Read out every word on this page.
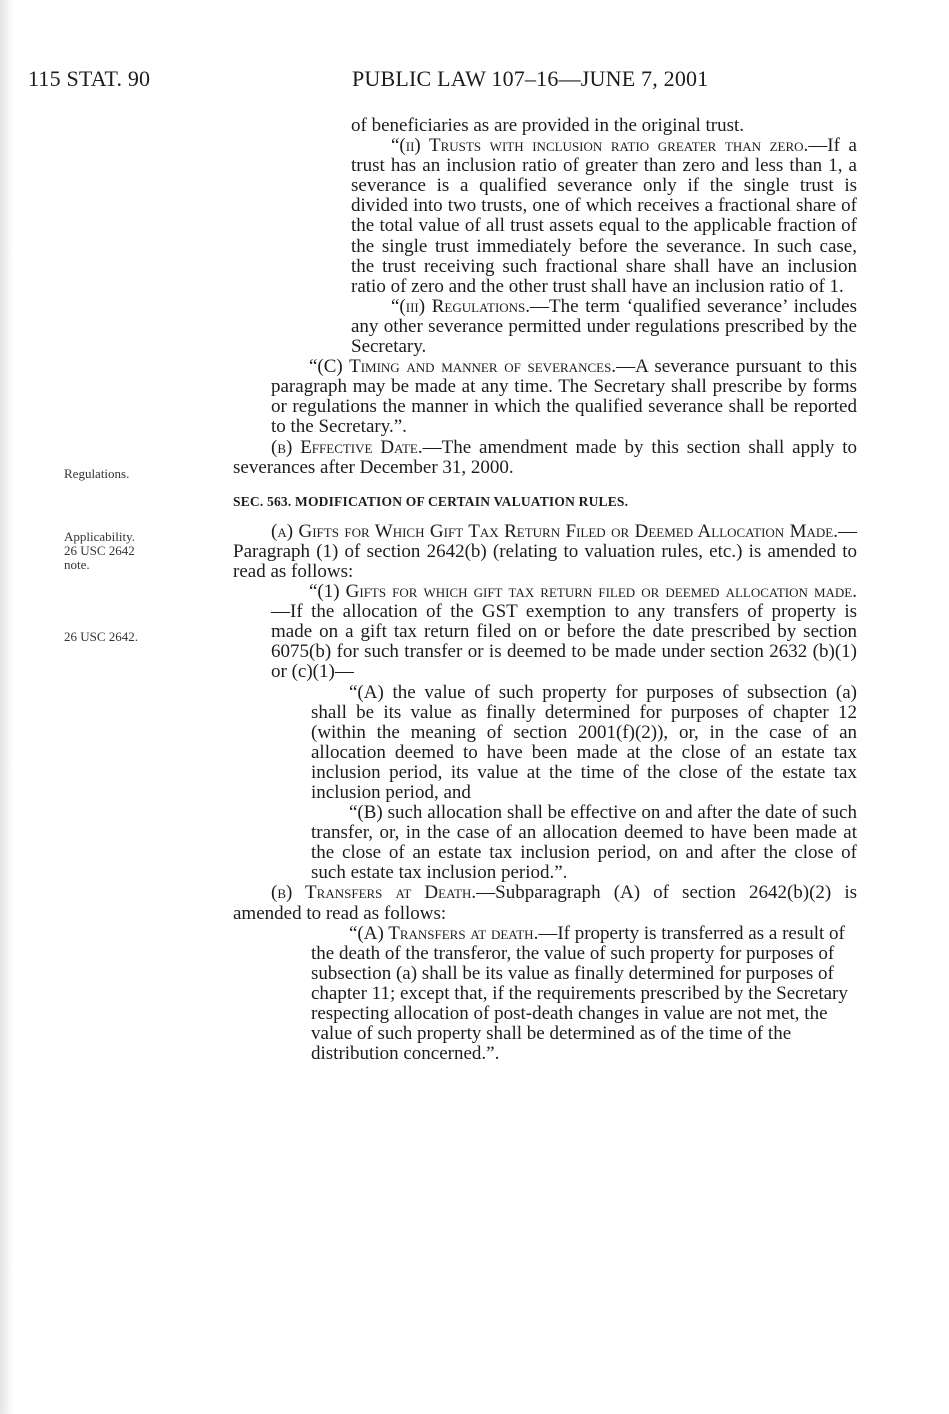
115 STAT. 90	PUBLIC LAW 107–16—JUNE 7, 2001
Regulations.
Applicability.
26 USC 2642
note.
26 USC 2642.

of beneficiaries as are provided in the original trust.

“(ii) Trusts with inclusion ratio greater than zero.—If a trust has an inclusion ratio of greater than zero and less than 1, a severance is a qualified severance only if the single trust is divided into two trusts, one of which receives a fractional share of the total value of all trust assets equal to the applicable fraction of the single trust immediately before the severance. In such case, the trust receiving such fractional share shall have an inclusion ratio of zero and the other trust shall have an inclusion ratio of 1.

“(iii) Regulations.—The term ‘qualified severance’ includes any other severance permitted under regulations prescribed by the Secretary.

“(C) Timing and manner of severances.—A severance pursuant to this paragraph may be made at any time. The Secretary shall prescribe by forms or regulations the manner in which the qualified severance shall be reported to the Secretary.”.

(b) Effective Date.—The amendment made by this section shall apply to severances after December 31, 2000.

SEC. 563. MODIFICATION OF CERTAIN VALUATION RULES.

(a) Gifts for Which Gift Tax Return Filed or Deemed Allocation Made.—Paragraph (1) of section 2642(b) (relating to valuation rules, etc.) is amended to read as follows:

“(1) Gifts for which gift tax return filed or deemed allocation made.—If the allocation of the GST exemption to any transfers of property is made on a gift tax return filed on or before the date prescribed by section 6075(b) for such transfer or is deemed to be made under section 2632 (b)(1) or (c)(1)—

“(A) the value of such property for purposes of subsection (a) shall be its value as finally determined for purposes of chapter 12 (within the meaning of section 2001(f)(2)), or, in the case of an allocation deemed to have been made at the close of an estate tax inclusion period, its value at the time of the close of the estate tax inclusion period, and

“(B) such allocation shall be effective on and after the date of such transfer, or, in the case of an allocation deemed to have been made at the close of an estate tax inclusion period, on and after the close of such estate tax inclusion period.”.

(b) Transfers at Death.—Subparagraph (A) of section 2642(b)(2) is amended to read as follows:

“(A) Transfers at death.—If property is transferred as a result of the death of the transferor, the value of such property for purposes of subsection (a) shall be its value as finally determined for purposes of chapter 11; except that, if the requirements prescribed by the Secretary respecting allocation of post-death changes in value are not met, the value of such property shall be determined as of the time of the distribution concerned.”.
